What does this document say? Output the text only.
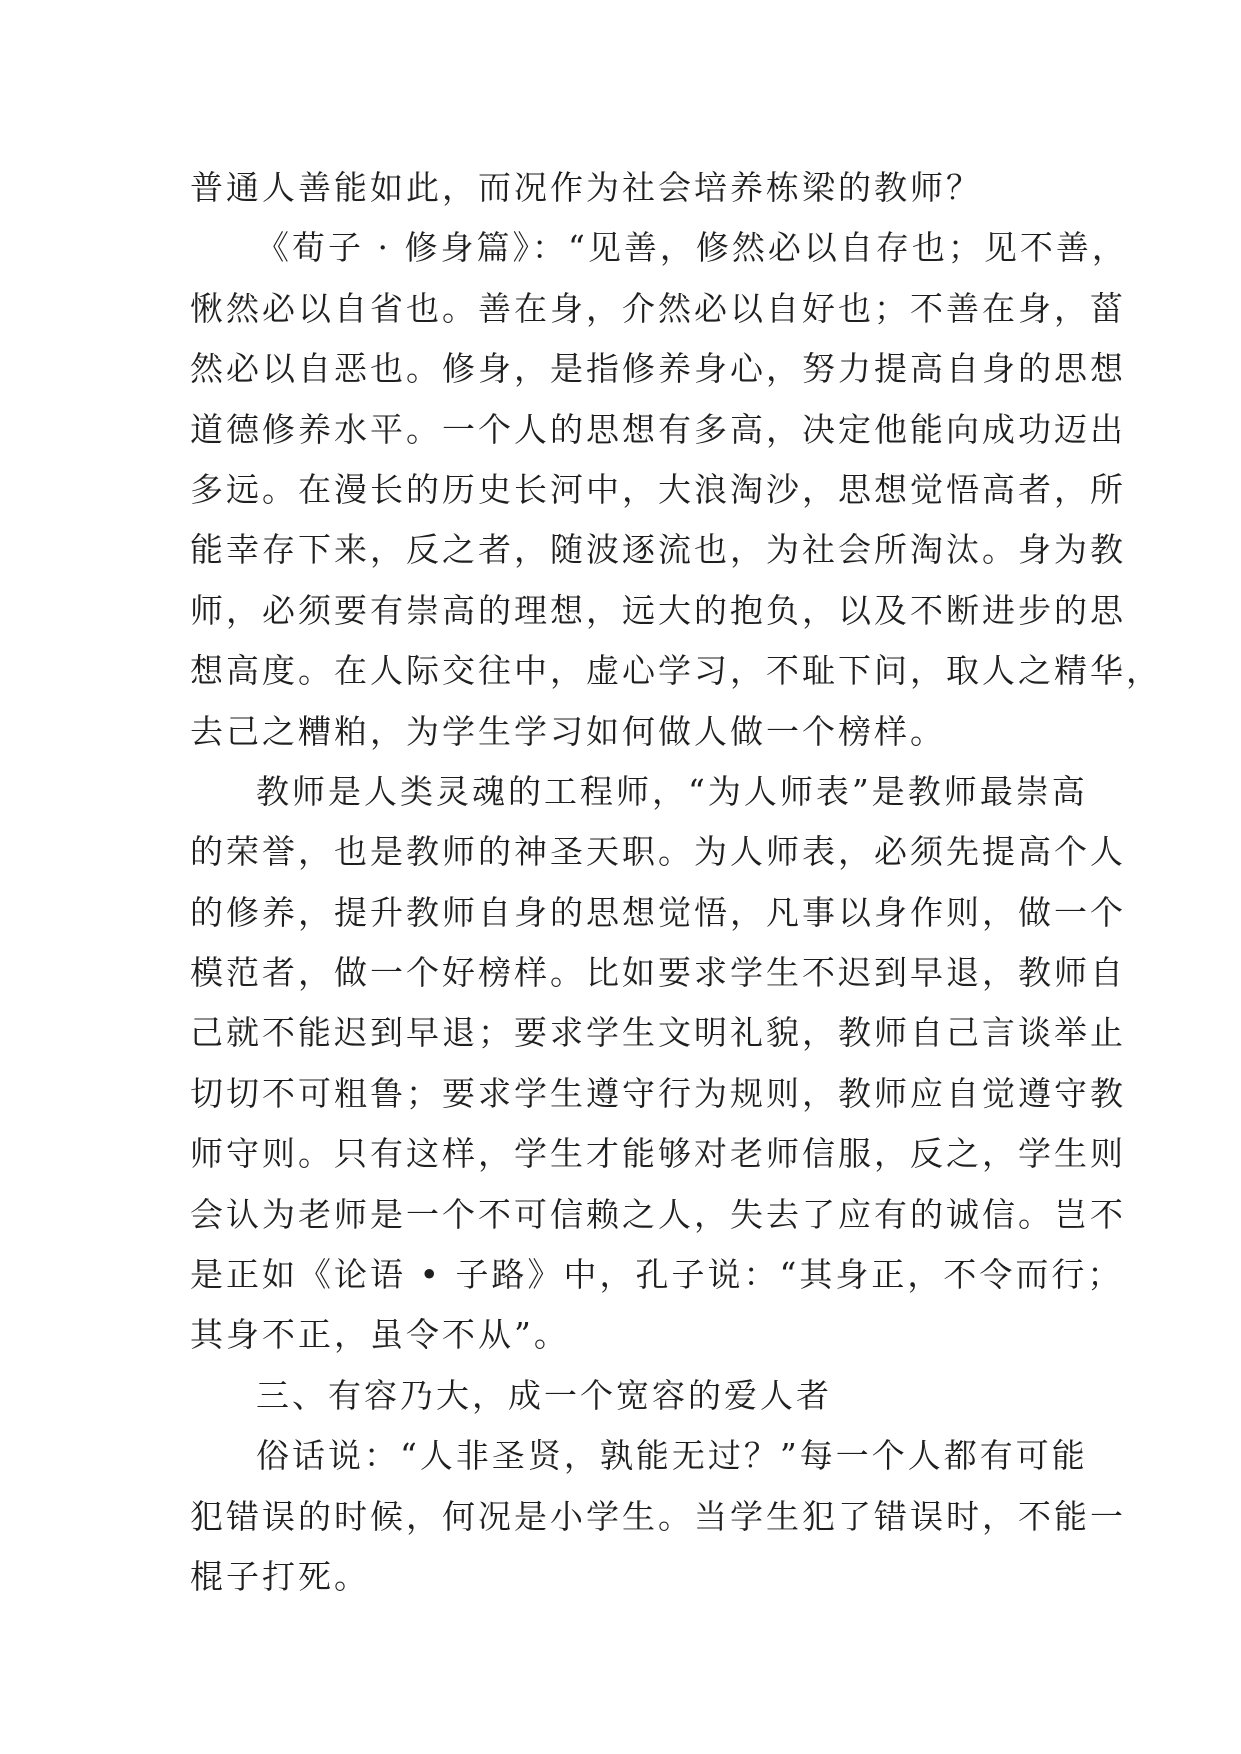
普通人善能如此，而况作为社会培养栋梁的教师？
《荀子 · 修身篇》：“见善，修然必以自存也；见不善，
愀然必以自省也。善在身，介然必以自好也；不善在身，菑
然必以自恶也。修身，是指修养身心，努力提高自身的思想
道德修养水平。一个人的思想有多高，决定他能向成功迈出
多远。在漫长的历史长河中，大浪淘沙，思想觉悟高者，所
能幸存下来，反之者，随波逐流也，为社会所淘汰。身为教
师，必须要有崇高的理想，远大的抱负，以及不断进步的思
想高度。在人际交往中，虚心学习，不耻下问，取人之精华，
去己之糟粕，为学生学习如何做人做一个榜样。
教师是人类灵魂的工程师，“为人师表”是教师最崇高
的荣誉，也是教师的神圣天职。为人师表，必须先提高个人
的修养，提升教师自身的思想觉悟，凡事以身作则，做一个
模范者，做一个好榜样。比如要求学生不迟到早退，教师自
己就不能迟到早退；要求学生文明礼貌，教师自己言谈举止
切切不可粗鲁；要求学生遵守行为规则，教师应自觉遵守教
师守则。只有这样，学生才能够对老师信服，反之，学生则
会认为老师是一个不可信赖之人，失去了应有的诚信。岂不
是正如《论语 • 子路》中，孔子说：“其身正，不令而行；
其身不正，虽令不从”。
三、有容乃大，成一个宽容的爱人者
俗话说：“人非圣贤，孰能无过？”每一个人都有可能
犯错误的时候，何况是小学生。当学生犯了错误时，不能一
棍子打死。
